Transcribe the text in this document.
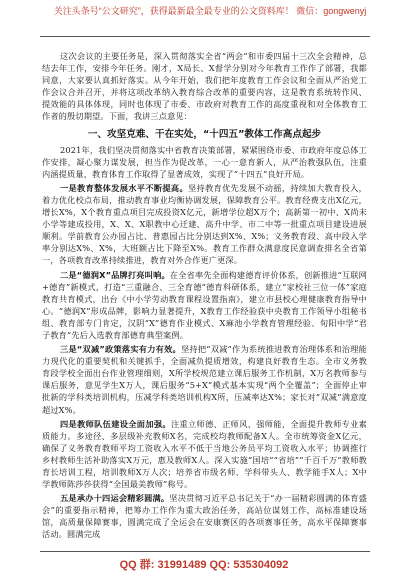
关注头条号“公文研究”，获得最新最全最专业的公文资料库！ 微信：gongwenyj

这次会议的主要任务是，深入贯彻落实全省“两会”和市委四届十三次全会精神，总结去年工作，安排今年任务。刚才，X局长、X督学分别对今年教育工作作了部署，我都同意，大家要认真抓好落实。从今年开始，我们把年度教育工作会议和全面从严治党工作会议合并召开，并将这项改革纳入教育综合改革的重要内容，这是教育系统转作风、提效能的具体体现，同时也体现了市委、市政府对教育工作的高度重视和对全体教育工作者的殷切期望。下面，我讲三点意见：

一、攻坚克难、干在实处，“十四五”教体工作高点起步

2021年，我们坚决贯彻落实中省教育决策部署，紧紧围绕市委、市政府年度总体工作安排，凝心聚力谋发展，担当作为促改革，一心一意育新人，从严治教强队伍，注重内涵提质量，教育体育工作取得了显著成效，实现了“十四五”良好开局。

一是教育整体发展水平不断提高。坚持教育优先发展不动摇，持续加大教育投入，着力优化校点布局，推动教育事业均衡协调发展，保障教育公平。教育经费支出X亿元，增长X%，X个教育重点项目完成投资X亿元，新增学位超X万个；高新第一初中、X尚未小学等建成投用，X、X、X职教中心迁建、高升中学、市二中等一批重点项目建设进展顺利。学前教育公办园占比、普惠园占比分别达到X%、X%；义务教育段、高中段入学率分别达X%、X%，大班额占比下降至X%。教育工作群众满意度民意调查排名全省第一，各项教育改革持续推进，教育对外合作更广更深。

二是“德润X”品牌打亮叫响。在全省率先全面构建德育评价体系，创新推进“互联网+德育”新模式，打造“三重融合、三全育德”德育科研体系，建立“家校社三位一体”家庭教育共育模式，出台《中小学劳动教育课程设置指南》，建立市县校心理健康教育指导中心。“德润X”形成品牌，影响力显著提升，X教育工作经验获中央教育工作领导小组秘书组、教育部专门肯定，汉阴“X”德育作业模式、X麻池小学教育管理经验、旬阳中学“君子教育”先后入选教育部德育典型案例。

三是“双减”政策落实有力有效。坚持把“双减”作为系统推进教育治理体系和治理能力现代化的重要契机和关键抓手，全面减负提质增效，构建良好教育生态。全市义务教育段学校全面出台作业管理细则，X所学校规范建立课后服务工作机制，X万名教师参与课后服务，意见学生X万人，课后服务“5+X”模式基本实现“两个全覆盖”；全面停止审批新的学科类培训机构，压减学科类培训机构X所，压减率达X%；家长对“双减”满意度超过X%。

四是教师队伍建设全面加强。注重立师德、正师风、强师能，全面提升教师专业素质能力。多途径、多层级补充教师X名，完成校均教师配备X人。全市统筹资金X亿元，确保了义务教育教师平均工资收入水平不低于当地公务员平均工资收入水平；协调推行乡村教师生活补助落实X万元，惠及教师X人。深入实施“国培”“省培”“千百千万”教师教育长培训工程，培训教师X万人次；培养省市级名师、学科带头人、教学能手X人；X中学教师陈莎莎获得“全国最美教师”称号。

五是承办十四运会精彩圆满。坚决贯彻习近平总书记关于“办一届精彩圆满的体育盛会”的重要指示精神，把筹办工作作为重大政治任务，高站位谋划工作，高标准建设场馆，高质量保障赛事，圆满完成了全运会在安康赛区的各项赛事任务，高水平保障赛事活动。圆满完成

QQ 群: 31991489 QQ: 535304092
